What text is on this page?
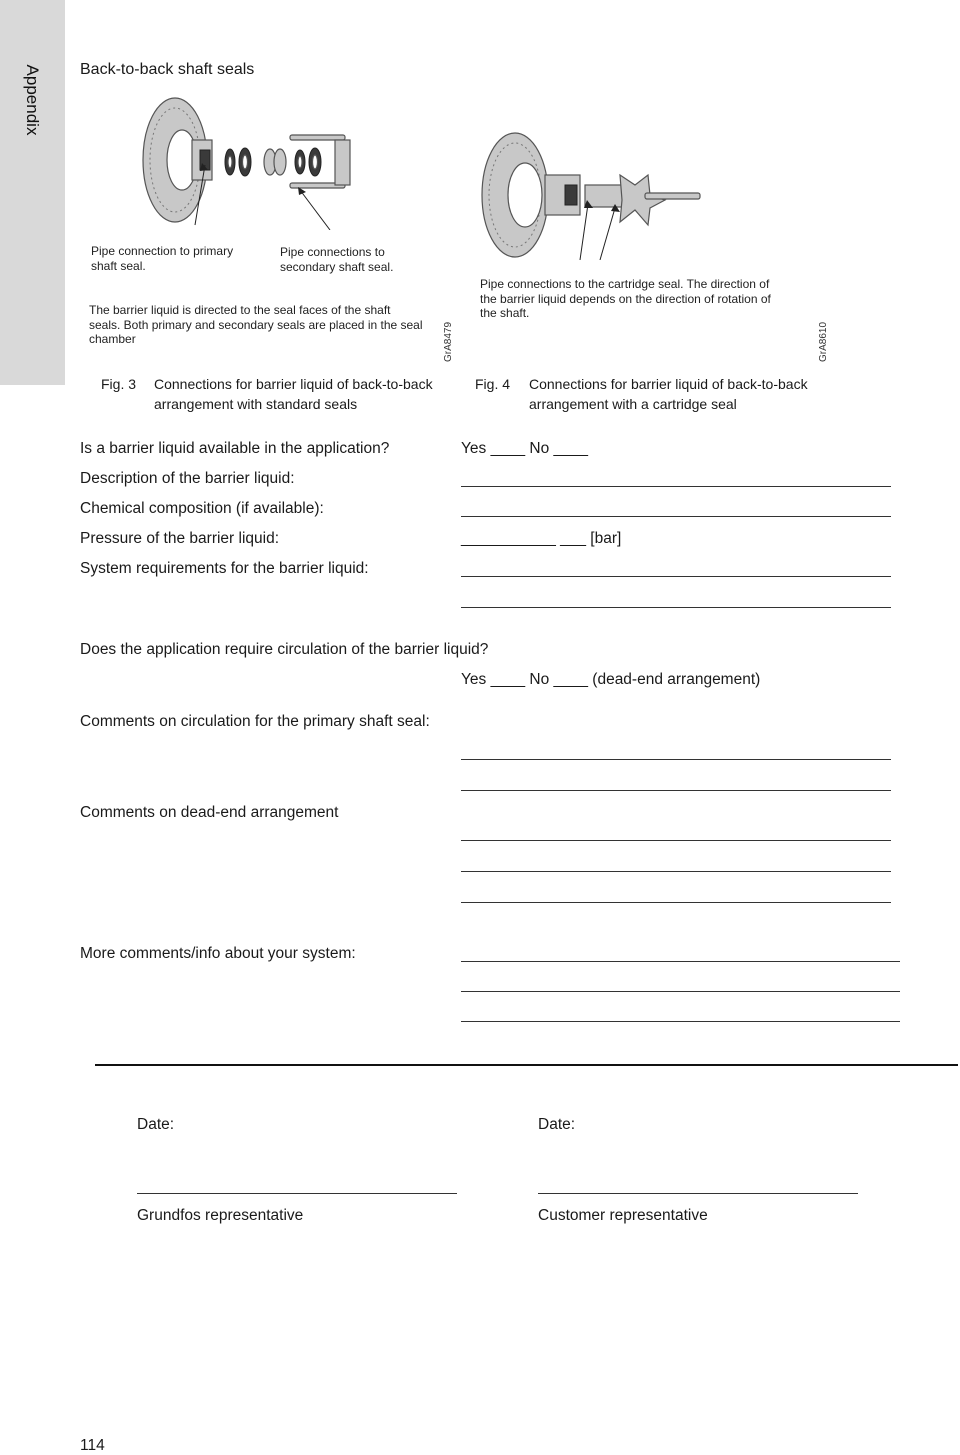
Appendix Back-to-back shaft seals
Pipe connection to primary
shaft seal.
Pipe connections to
secondary shaft seal.
The barrier liquid is directed to the seal faces of the shaft seals. Both primary and secondary seals are placed in the seal chamber	GrA8479
Pipe connections to the cartridge seal. The direction of the barrier liquid depends on the direction of rotation of the shaft.
GrA8610
Fig. 3 Connections for barrier liquid of back-to-back arrangement with standard seals
Fig. 4 Connections for barrier liquid of back-to-back arrangement with a cartridge seal
Is a barrier liquid available in the application?	Yes ____ No ____
Description of the barrier liquid:
Chemical composition (if available):
Pressure of the barrier liquid:	___________ ___ [bar]
System requirements for the barrier liquid:
Does the application require circulation of the barrier liquid?
Yes ____ No ____ (dead-end arrangement)
Comments on circulation for the primary shaft seal:
Comments on dead-end arrangement
More comments/info about your system:
Date:	Date:
Grundfos representative	Customer representative
114
